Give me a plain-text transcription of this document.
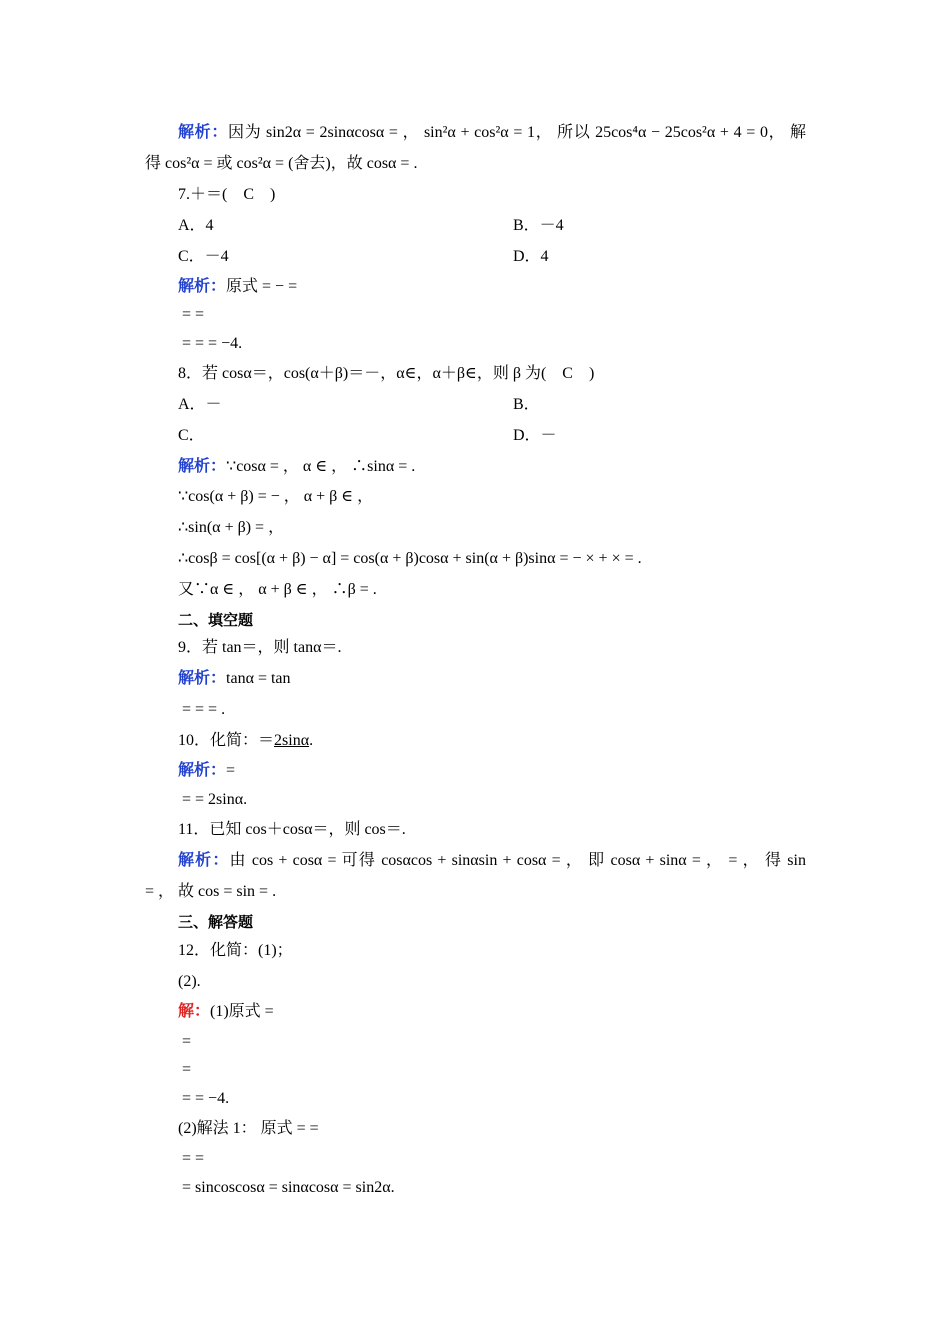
解析：因为 sin2α = 2sinαcosα = ， sin²α + cos²α = 1， 所以 25cos⁴α − 25cos²α + 4 = 0， 解
得 cos²α = 或 cos²α = (舍去)，故 cosα = .
7.＋＝(　C　)
A．4	B．－4
C．－4	D．4
解析：原式 = − =
= =
= = = −4.
8．若 cosα＝，cos(α＋β)＝－，α∈，α＋β∈，则 β 为(　C　)
A．－	B．
C．	D．－
解析：∵cosα = ， α ∈ ， ∴sinα = .
∵cos(α + β) = − ， α + β ∈ ，
∴sin(α + β) = ，
∴cosβ = cos[(α + β) − α] = cos(α + β)cosα + sin(α + β)sinα = − × + × = .
又∵α ∈ ， α + β ∈ ， ∴β = .
二、填空题
9．若 tan＝，则 tanα＝.
解析：tanα = tan
= = = .
10．化简：＝2sinα.
解析：=
= = 2sinα.
11．已知 cos＋cosα＝，则 cos＝.
解析：由 cos + cosα = 可得 cosαcos + sinαsin + cosα = ， 即 cosα + sinα = ， = ， 得 sin
= ， 故 cos = sin = .
三、解答题
12．化简：(1)；
(2).
解：(1)原式 =
=
=
= = −4.
(2)解法 1： 原式 = =
= =
= sincoscosα = sinαcosα = sin2α.
